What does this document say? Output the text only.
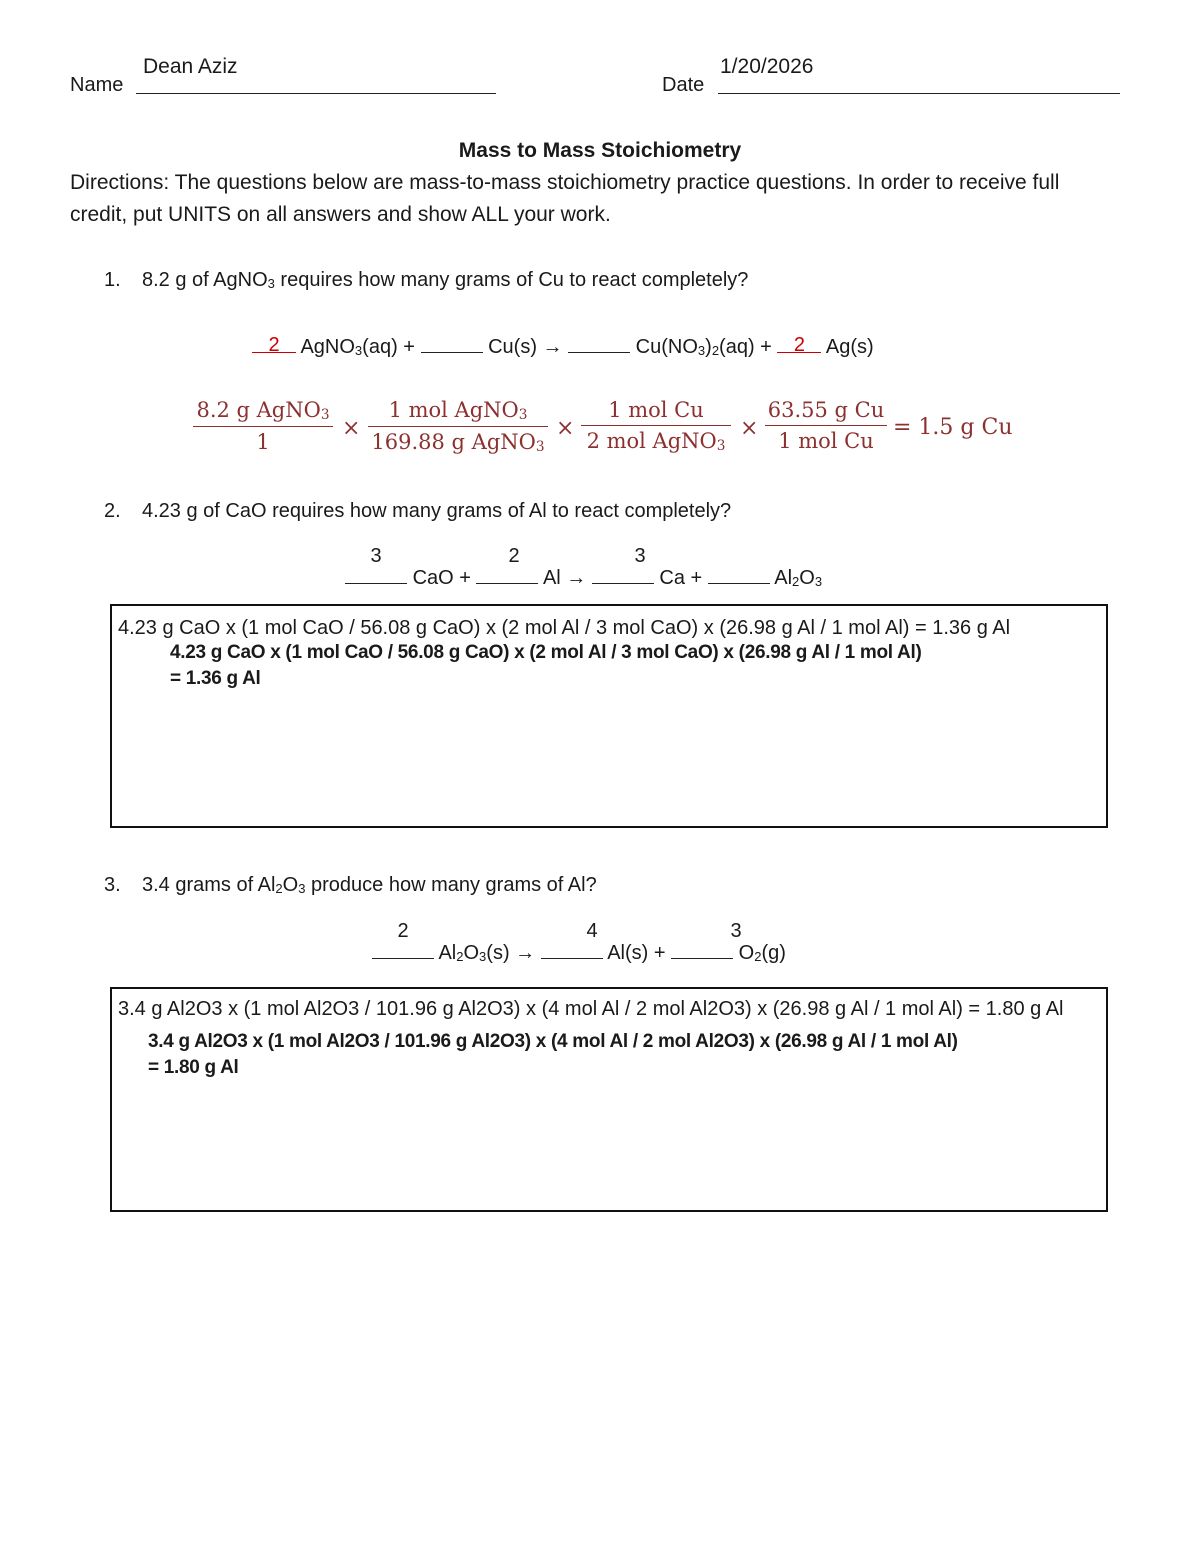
Dean Aziz
Name
1/20/2026
Date
Mass to Mass Stoichiometry
Directions: The questions below are mass-to-mass stoichiometry practice questions. In order to receive full credit, put UNITS on all answers and show ALL your work.
1. 8.2 g of AgNO$_3$ requires how many grams of Cu to react completely?
2 AgNO$_3$(aq) +	Cu(s) →	$Cu(NO_3)_2(aq) + 2$ Ag(s)
8.2 g AgNO$_3$
1
×
1 mol AgNO$_3$
169.88 g AgNO$_3$
×
1 mol Cu
2 mol AgNO$_3$
×
63.55 g Cu
1 mol Cu
= 1.5 g Cu
2. 4.23 g of CaO requires how many grams of Al to react completely?
3	2	3
CaO +	Al →	Ca +	$Al_2O_3$
4.23 g CaO x (1 mol CaO / 56.08 g CaO) x (2 mol Al / 3 mol CaO) x (26.98 g Al / 1 mol Al) = 1.36 g Al
4.23 g CaO x (1 mol CaO / 56.08 g CaO) x (2 mol Al / 3 mol CaO) x (26.98 g Al / 1 mol Al)
= 1.36 g Al
3. 3.4 grams of $Al_2O_3$ produce how many grams of Al?
2	4	3
$Al_2O_3(s)$ →	Al(s) +	$O_2(g)$
3.4 g Al2O3 x (1 mol Al2O3 / 101.96 g Al2O3) x (4 mol Al / 2 mol Al2O3) x (26.98 g Al / 1 mol Al) = 1.80 g Al
3.4 g Al2O3 x (1 mol Al2O3 / 101.96 g Al2O3) x (4 mol Al / 2 mol Al2O3) x (26.98 g Al / 1 mol Al)
= 1.80 g Al
